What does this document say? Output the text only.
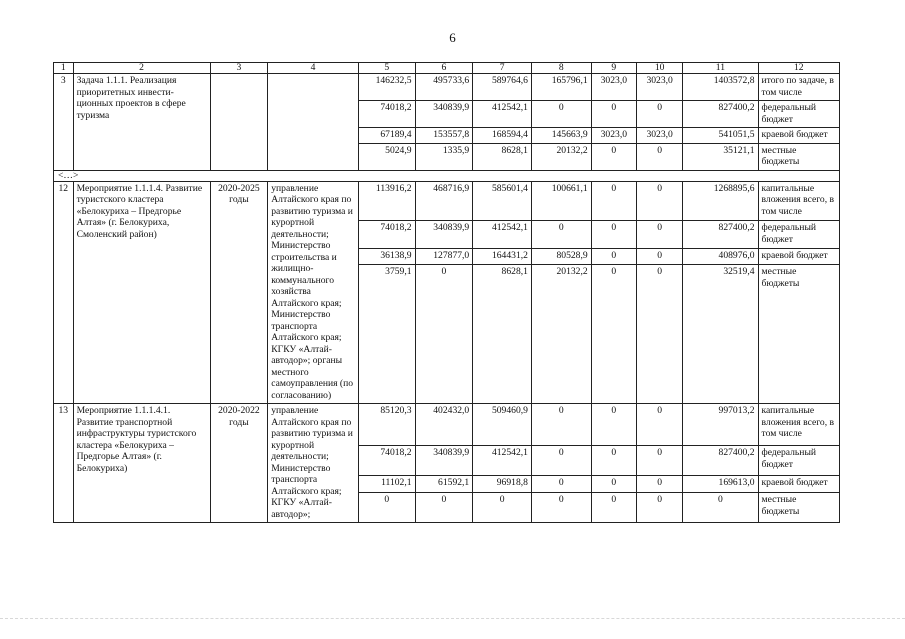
6
1	2	3	4	5	6	7	8	9	10	11	12
3	Задача 1.1.1. Реализация приоритетных инвести-ционных проектов в сфере туризма			146232,5	495733,6	589764,6	165796,1	3023,0	3023,0	1403572,8	итого по задаче, в том числе
				74018,2	340839,9	412542,1	0	0	0	827400,2	федеральный бюджет
				67189,4	153557,8	168594,4	145663,9	3023,0	3023,0	541051,5	краевой бюджет
				5024,9	1335,9	8628,1	20132,2	0	0	35121,1	местные бюджеты
<…>											
12	Мероприятие 1.1.1.4. Развитие туристского кластера «Белокуриха – Предгорье Алтая» (г. Белокуриха, Смоленский район)	2020-2025 годы	управление Алтайского края по развитию туризма и курортной деятельности; Министерство строительства и жилищно-коммунального хозяйства Алтайского края; Министерство транспорта Алтайского края; КГКУ «Алтай-автодор»; органы местного самоуправления (по согласованию)	113916,2	468716,9	585601,4	100661,1	0	0	1268895,6	капитальные вложения всего, в том числе
				74018,2	340839,9	412542,1	0	0	0	827400,2	федеральный бюджет
				36138,9	127877,0	164431,2	80528,9	0	0	408976,0	краевой бюджет
				3759,1	0	8628,1	20132,2	0	0	32519,4	местные бюджеты
13	Мероприятие 1.1.1.4.1. Развитие транспортной инфраструктуры туристского кластера «Белокуриха – Предгорье Алтая» (г. Белокуриха)	2020-2022 годы	управление Алтайского края по развитию туризма и курортной деятельности; Министерство транспорта Алтайского края; КГКУ «Алтай-автодор»;	85120,3	402432,0	509460,9	0	0	0	997013,2	капитальные вложения всего, в том числе
				74018,2	340839,9	412542,1	0	0	0	827400,2	федеральный бюджет
				11102,1	61592,1	96918,8	0	0	0	169613,0	краевой бюджет
				0	0	0	0	0	0	0	местные бюджеты
